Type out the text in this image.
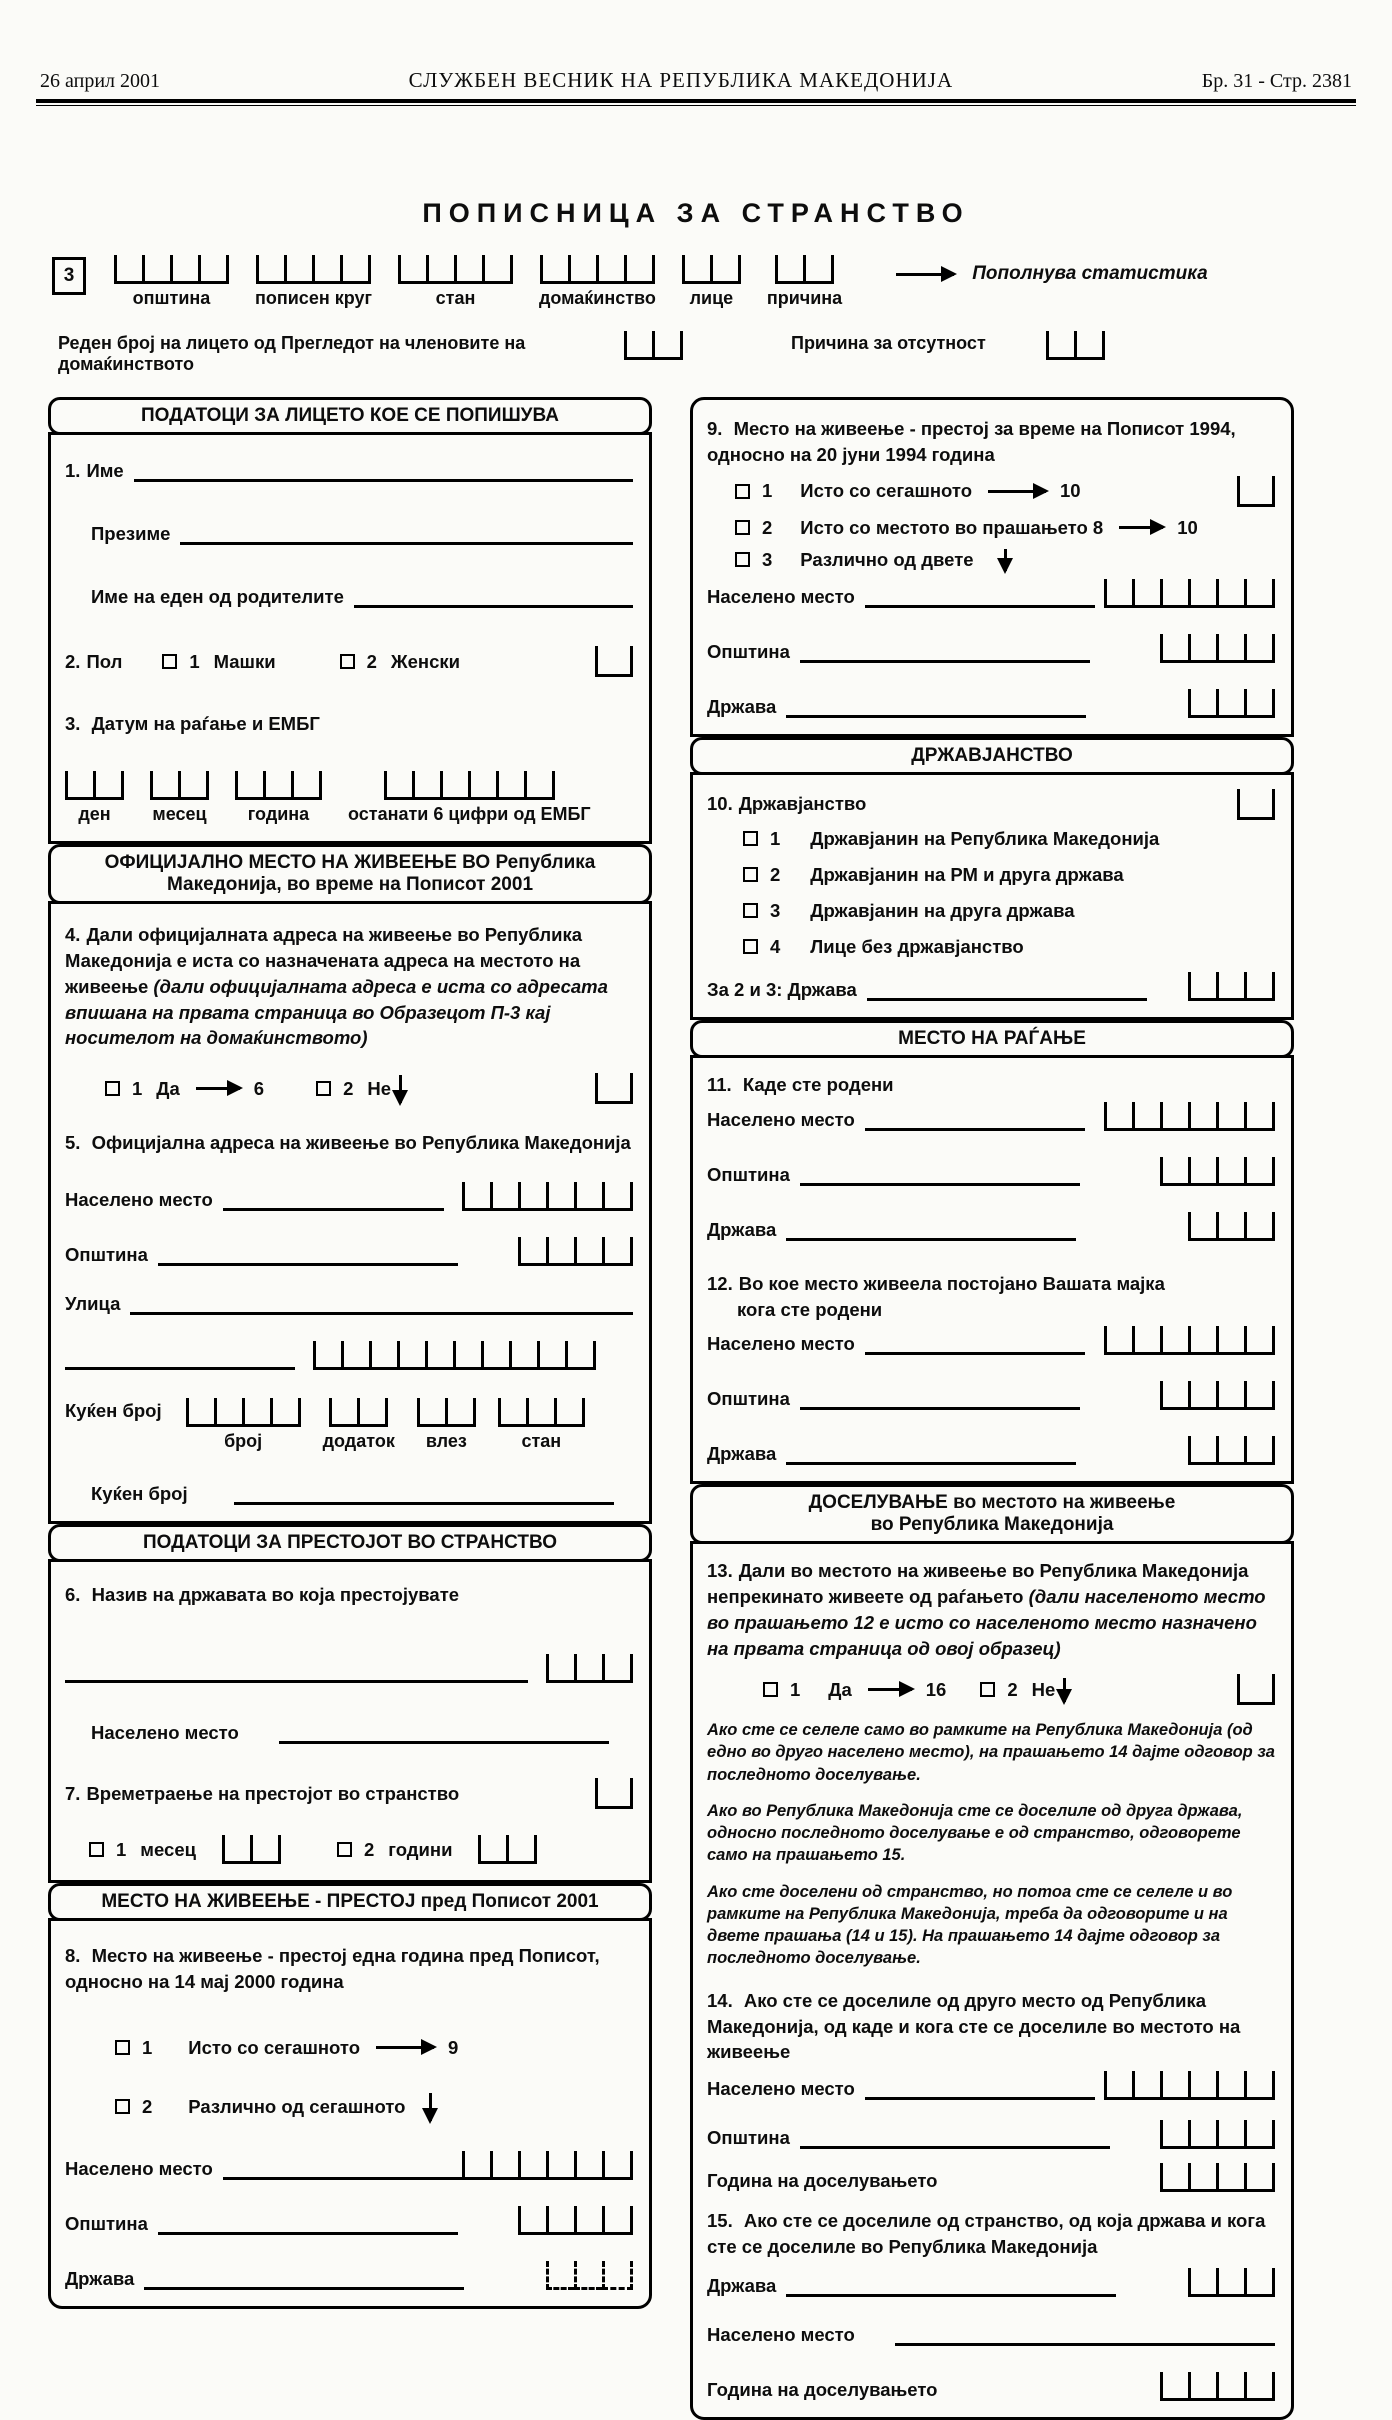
26 април 2001	СЛУЖБЕН ВЕСНИК НА РЕПУБЛИКА МАКЕДОНИЈА	Бр. 31 - Стр. 2381
ПОПИСНИЦА ЗА СТРАНСТВО
3
општина пописен круг	стан	домаќинство лице причина
Пополнува статистика
Реден број на лицето од Прегледот на членовите на домаќинството
Причина за отсутност
ПОДАТОЦИ ЗА ЛИЦЕТО КОЕ СЕ ПОПИШУВА
1. Име
Презиме
Име на еден од родителите
2. Пол	1 Машки	2 Женски
3. Датум на раѓање и ЕМБГ
ден месец година останати 6 цифри од ЕМБГ
ОФИЦИЈАЛНО МЕСТО НА ЖИВЕЕЊЕ ВО Република
Македонија, во време на Пописот 2001
4. Дали официјалната адреса на живеење во Република Македонија е иста со назначената адреса на местото на живеење (дали официјалната адреса е иста со адресата впишана на првата страница во Образецот П-3 кај носителот на домаќинството)
1 Да	6	2 Не
5. Официјална адреса на живеење во Република Македонија
Населено место
Општина
Улица
Куќен број
број	додаток влез	стан
Куќен број
ПОДАТОЦИ ЗА ПРЕСТОЈОТ ВО СТРАНСТВО
6. Назив на државата во која престојувате
Населено место
7. Времетраење на престојот во странство
1 месец	2 години
МЕСТО НА ЖИВЕЕЊЕ - ПРЕСТОЈ пред Пописот 2001
8. Место на живеење - престој една година пред Пописот, односно на 14 мај 2000 година
1 Исто со сегашното	9
2 Различно од сегашното
Населено место
Општина
Држава
9. Место на живеење - престој за време на Пописот 1994, односно на 20 јуни 1994 година
1 Исто со сегашното	10
2 Исто со местото во прашањето 8	10
3 Различно од двете
Населено место
Општина
Држава
ДРЖАВЈАНСТВО
10. Државјанство
1 Државјанин на Република Македонија
2 Државјанин на РМ и друга држава
3 Државјанин на друга држава
4 Лице без државјанство
За 2 и 3: Држава
МЕСТО НА РАЃАЊЕ
11. Каде сте родени
Населено место
Општина
Држава
12. Во кое место живеела постојано Вашата мајка
кога сте родени
Населено место
Општина
Држава
ДОСЕЛУВАЊЕ во местото на живеење
во Република Македонија
13. Дали во местото на живеење во Република Македонија непрекинато живеете од раѓањето (дали населеното место во прашањето 12 е исто со населеното место назначено на првата страница од овој образец)
1 Да	16	2 Не
Ако сте се селеле само во рамките на Република Македонија (од едно во друго населено место), на прашањето 14 дајте одговор за последното доселување.
Ако во Република Македонија сте се доселиле од друга држава, односно последното доселување е од странство, одговорете само на прашањето 15.
Ако сте доселени од странство, но потоа сте се селеле и во рамките на Република Македонија, треба да одговорите и на двете прашања (14 и 15). На прашањето 14 дајте одговор за последното доселување.
14. Ако сте се доселиле од друго место од Република Македонија, од каде и кога сте се доселиле во местото на живеење
Населено место
Општина
Година на доселувањето
15. Ако сте се доселиле од странство, од која држава и кога сте се доселиле во Република Македонија
Држава
Населено место
Година на доселувањето
